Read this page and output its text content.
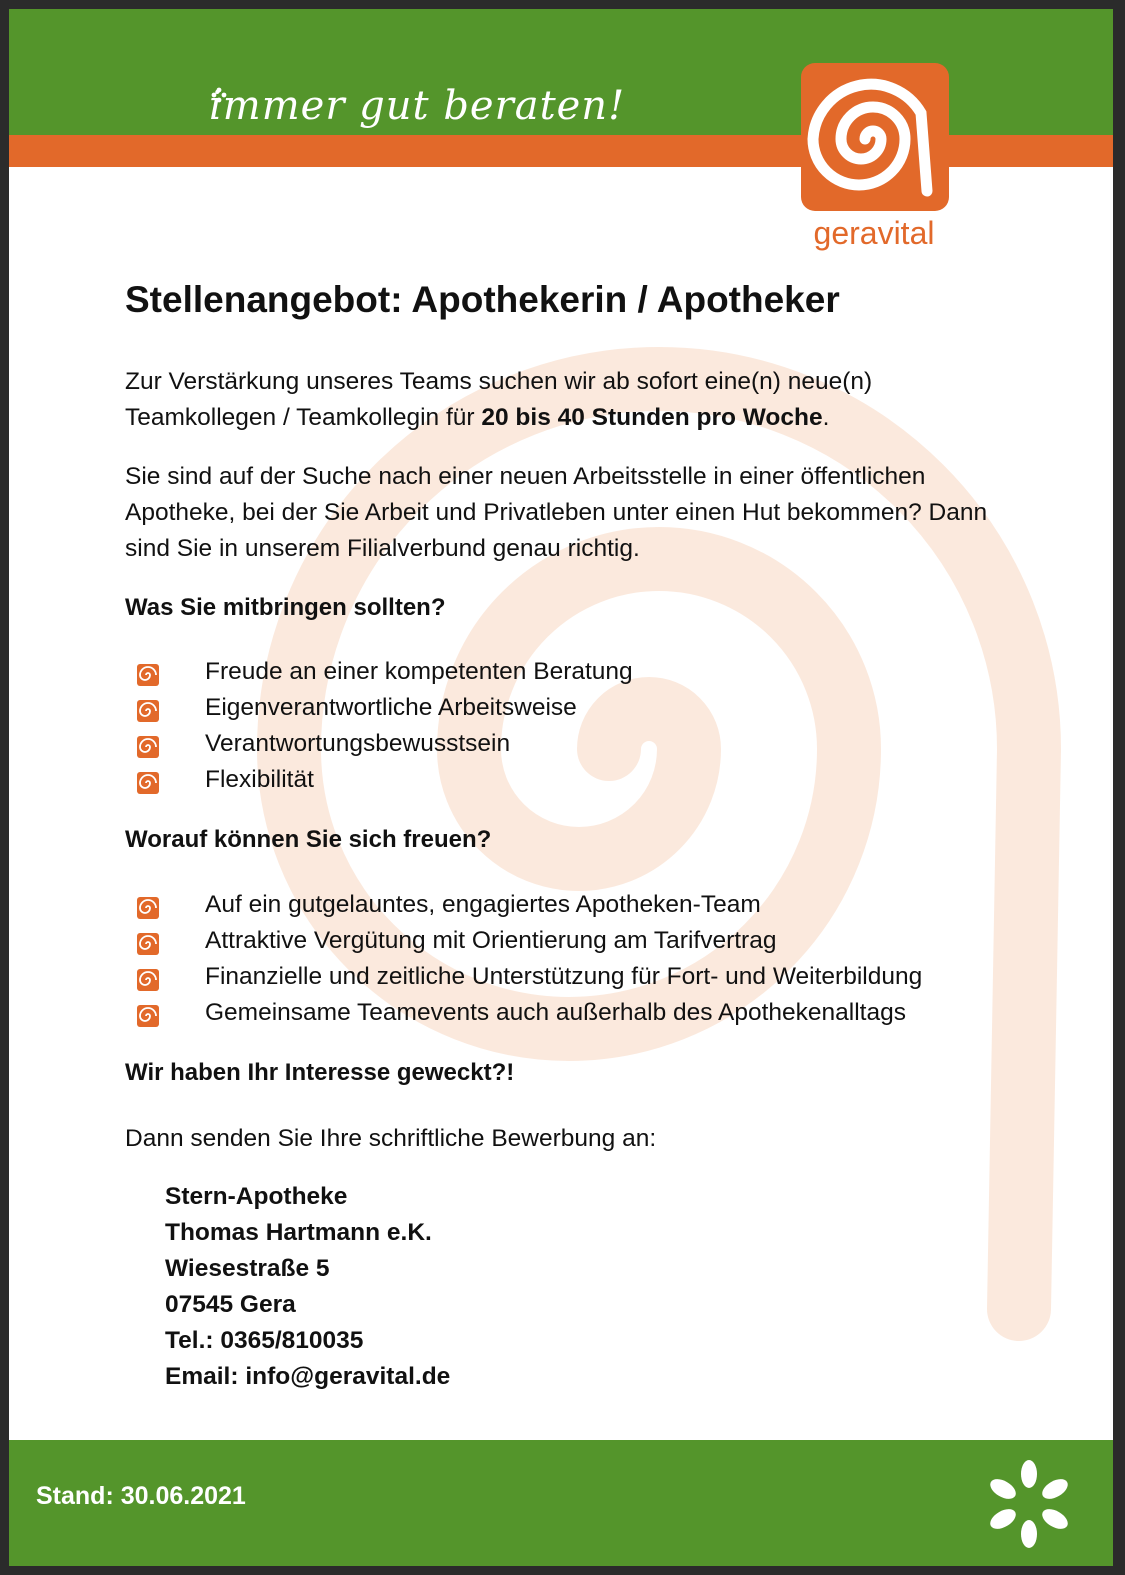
immer gut beraten!
geravital
Stellenangebot: Apothekerin / Apotheker

Zur Verstärkung unseres Teams suchen wir ab sofort eine(n) neue(n)
Teamkollegen / Teamkollegin für 20 bis 40 Stunden pro Woche.

Sie sind auf der Suche nach einer neuen Arbeitsstelle in einer öffentlichen Apotheke, bei der Sie Arbeit und Privatleben unter einen Hut bekommen? Dann sind Sie in unserem Filialverbund genau richtig.

Was Sie mitbringen sollten?
Freude an einer kompetenten Beratung
Eigenverantwortliche Arbeitsweise
Verantwortungsbewusstsein
Flexibilität
Worauf können Sie sich freuen?
Auf ein gutgelauntes, engagiertes Apotheken-Team
Attraktive Vergütung mit Orientierung am Tarifvertrag
Finanzielle und zeitliche Unterstützung für Fort- und Weiterbildung
Gemeinsame Teamevents auch außerhalb des Apothekenalltags
Wir haben Ihr Interesse geweckt?!

Dann senden Sie Ihre schriftliche Bewerbung an:

Stern-Apotheke
Thomas Hartmann e.K.
Wiesestraße 5
07545 Gera
Tel.: 0365/810035
Email: info@geravital.de
Stand: 30.06.2021
